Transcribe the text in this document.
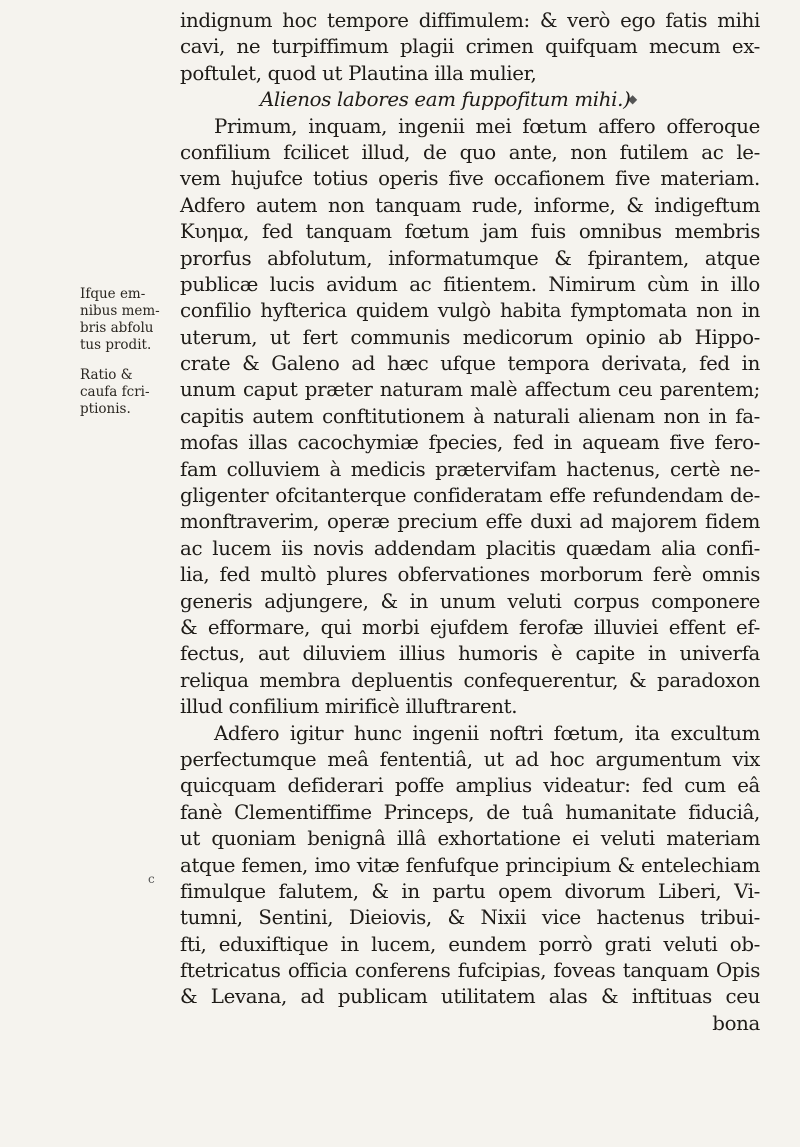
Ifque em-
nibus mem-
bris abfolu
tus prodit.
Ratio &
caufa fcri-
ptionis.
◆
c
indignum hoc tempore diffimulem: & verò ego fatis mihi
cavi, ne turpiffimum plagii crimen quifquam mecum ex-
poftulet, quod ut Plautina illa mulier,
Alienos labores eam fuppofitum mihi.)
Primum, inquam, ingenii mei fœtum affero offeroque
confilium fcilicet illud, de quo ante, non futilem ac le-
vem hujufce totius operis five occafionem five materiam.
Adfero autem non tanquam rude, informe, & indigeftum
Κυημα, fed tanquam fœtum jam fuis omnibus membris
prorfus abfolutum, informatumque & fpirantem, atque
publicæ lucis avidum ac fitientem. Nimirum cùm in illo
confilio hyfterica quidem vulgò habita fymptomata non in
uterum, ut fert communis medicorum opinio ab Hippo-
crate & Galeno ad hæc ufque tempora derivata, fed in
unum caput præter naturam malè affectum ceu parentem;
capitis autem conftitutionem à naturali alienam non in fa-
mofas illas cacochymiæ fpecies, fed in aqueam five fero-
fam colluviem à medicis prætervifam hactenus, certè ne-
gligenter ofcitanterque confideratam effe refundendam de-
monftraverim, operæ precium effe duxi ad majorem fidem
ac lucem iis novis addendam placitis quædam alia confi-
lia, fed multò plures obfervationes morborum ferè omnis
generis adjungere, & in unum veluti corpus componere
& efformare, qui morbi ejufdem ferofæ illuviei effent ef-
fectus, aut diluviem illius humoris è capite in univerfa
reliqua membra depluentis confequerentur, & paradoxon
illud confilium mirificè illuftrarent.
Adfero igitur hunc ingenii noftri fœtum, ita excultum
perfectumque meâ fententiâ, ut ad hoc argumentum vix
quicquam defiderari poffe amplius videatur: fed cum eâ
fanè Clementiffime Princeps, de tuâ humanitate fiduciâ,
ut quoniam benignâ illâ exhortatione ei veluti materiam
atque femen, imo vitæ fenfufque principium & entelechiam
fimulque falutem, & in partu opem divorum Liberi, Vi-
tumni, Sentini, Dieiovis, & Nixii vice hactenus tribui-
fti, eduxiftique in lucem, eundem porrò grati veluti ob-
ftetricatus officia conferens fufcipias, foveas tanquam Opis
& Levana, ad publicam utilitatem alas & inftituas ceu
bona
